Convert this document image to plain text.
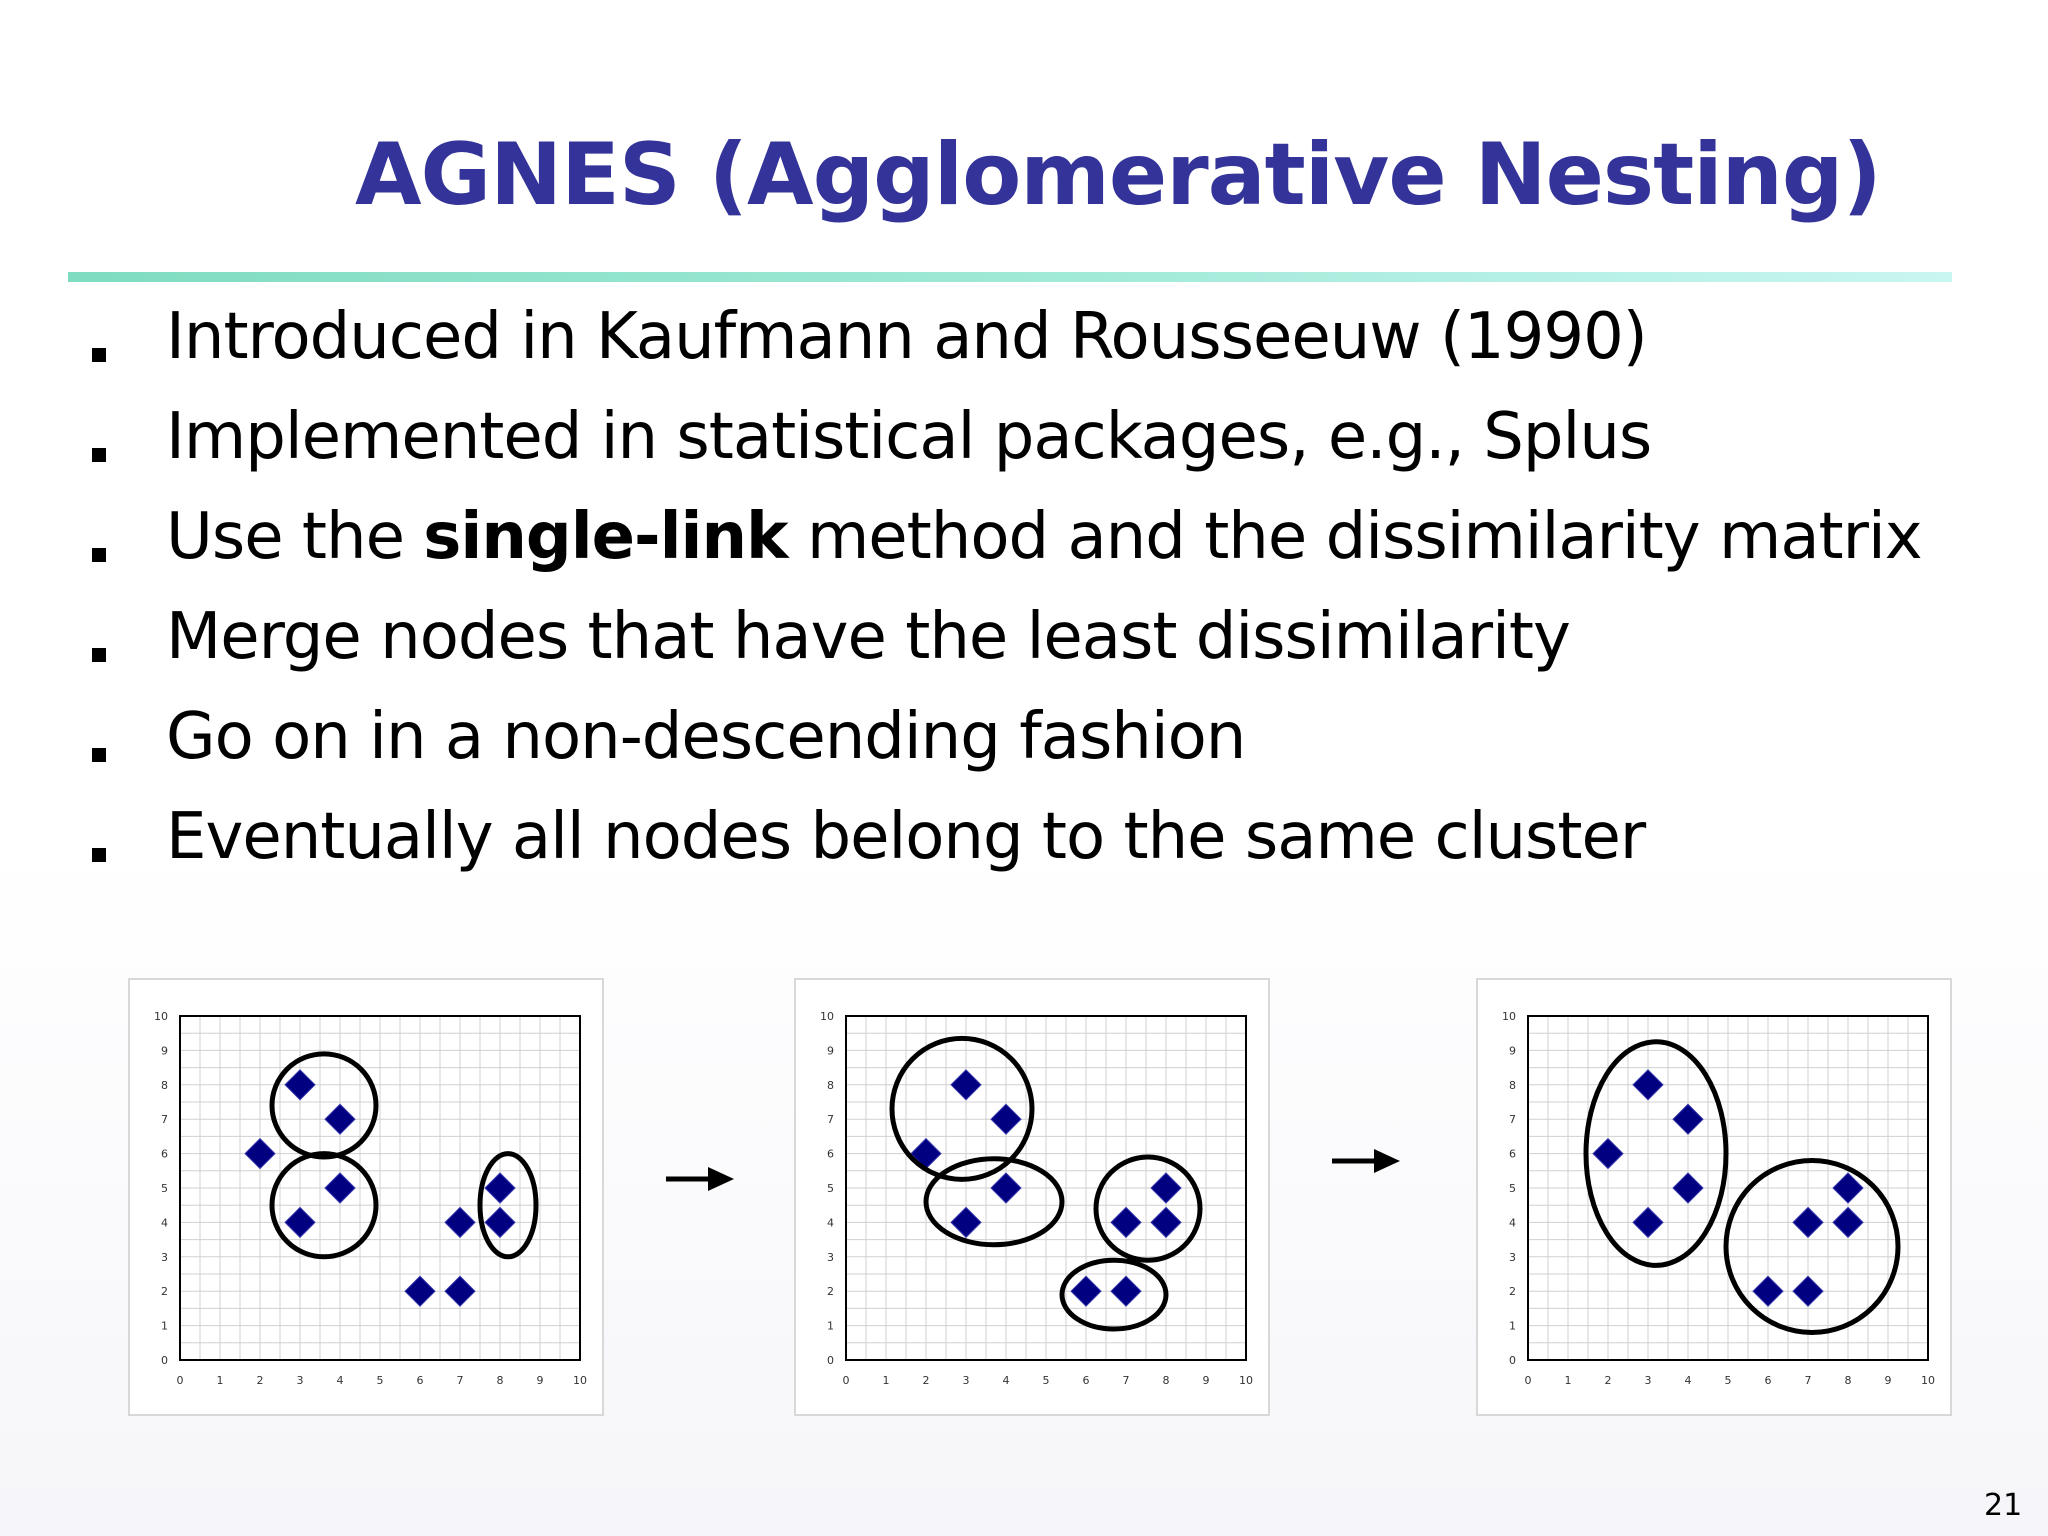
AGNES (Agglomerative Nesting)
Introduced in Kaufmann and Rousseeuw (1990)
Implemented in statistical packages, e.g., Splus
Use the single-link method and the dissimilarity matrix
Merge nodes that have the least dissimilarity
Go on in a non-descending fashion
Eventually all nodes belong to the same cluster
0	1	2	3	4	5	6	7	8	9	10
0
1
2
3
4
5
6
7
8
9
10
0	1	2	3	4	5	6	7	8	9	10
0
1
2
3
4
5
6
7
8
9
10
0	1	2	3	4	5	6	7	8	9	10
0
1
2
3
4
5
6
7
8
9
10
21
